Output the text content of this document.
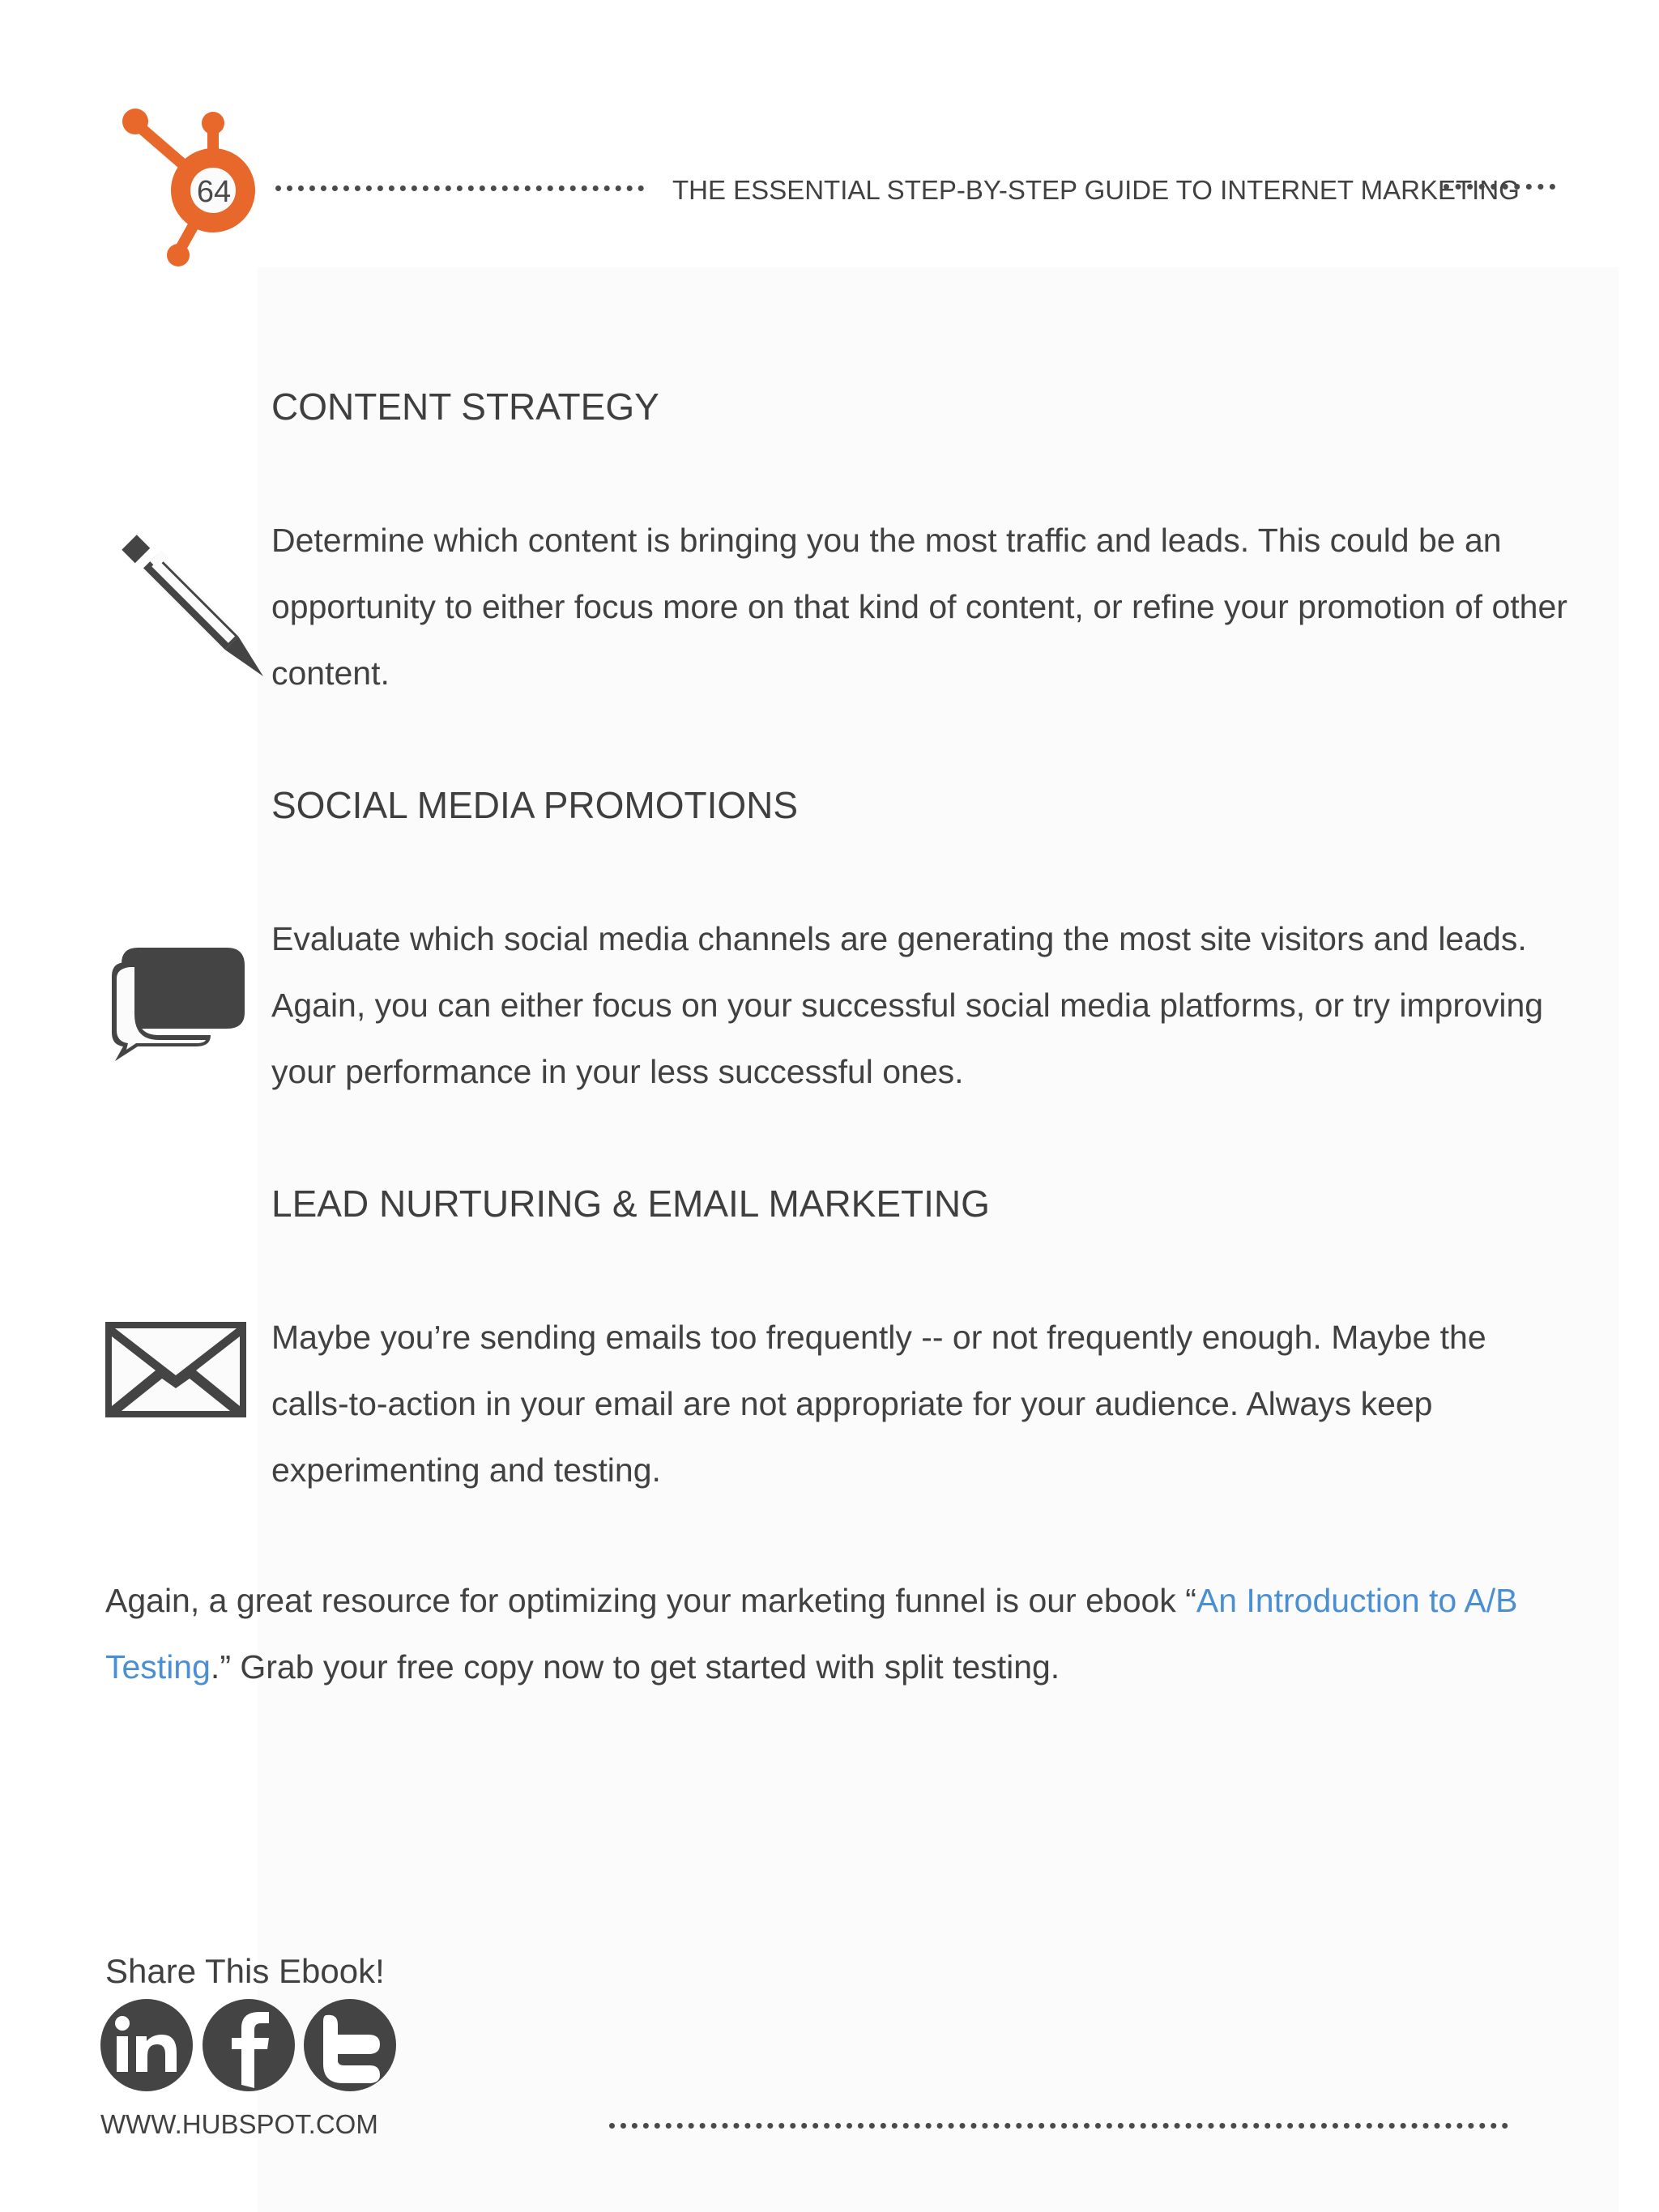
64	THE ESSENTIAL STEP-BY-STEP GUIDE TO INTERNET MARKETING
CONTENT STRATEGY
Determine which content is bringing you the most traffic and leads. This could be an opportunity to either focus more on that kind of content, or refine your promotion of other content.
SOCIAL MEDIA PROMOTIONS
Evaluate which social media channels are generating the most site visitors and leads. Again, you can either focus on your successful social media platforms, or try improving your performance in your less successful ones.
LEAD NURTURING & EMAIL MARKETING
Maybe you’re sending emails too frequently -- or not frequently enough. Maybe the calls-to-action in your email are not appropriate for your audience. Always keep experimenting and testing.
Again, a great resource for optimizing your marketing funnel is our ebook “An Introduction to A/B Testing.” Grab your free copy now to get started with split testing.
Share This Ebook!
WWW.HUBSPOT.COM
